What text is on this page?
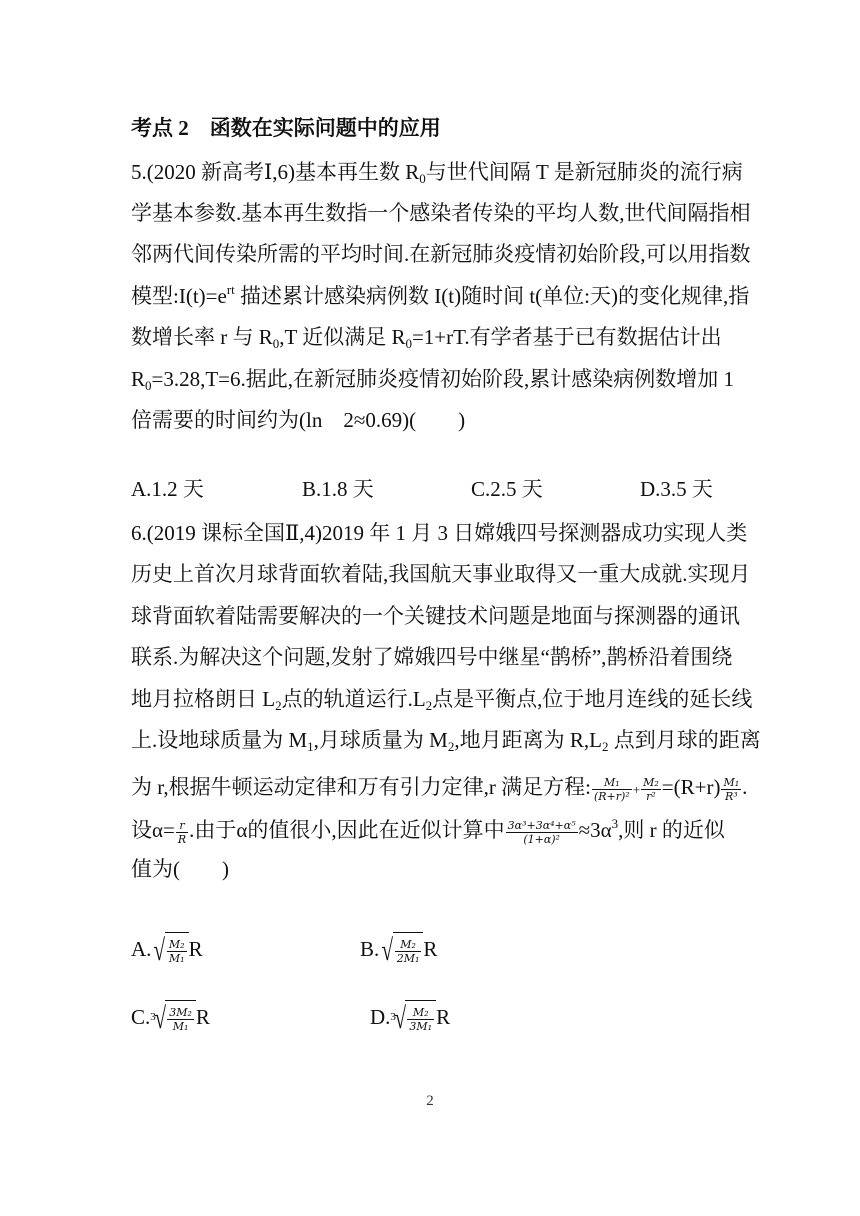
考点 2　函数在实际问题中的应用
5.(2020 新高考Ⅰ,6)基本再生数 $R_0$与世代间隔 T 是新冠肺炎的流行病
学基本参数.基本再生数指一个感染者传染的平均人数,世代间隔指相
邻两代间传染所需的平均时间.在新冠肺炎疫情初始阶段,可以用指数
模型$:I(t)=e^{rt}$ 描述累计感染病例数 I(t)随时间 t(单位:天)的变化规律,指
数增长率 r 与 $R_0,T$ 近似满足 $R_0=1+rT$.有学者基于已有数据估计出
$R_0=3.28,T=6$.据此,在新冠肺炎疫情初始阶段,累计感染病例数增加 1
倍需要的时间约为(ln　2≈0.69)(　　)
A.1.2 天	B.1.8 天	C.2.5 天	D.3.5 天
6.(2019 课标全国Ⅱ,4)2019 年 1 月 3 日嫦娥四号探测器成功实现人类
历史上首次月球背面软着陆,我国航天事业取得又一重大成就.实现月
球背面软着陆需要解决的一个关键技术问题是地面与探测器的通讯
联系.为解决这个问题,发射了嫦娥四号中继星“鹊桥”,鹊桥沿着围绕
地月拉格朗日 $L_2$点的轨道运行$.L_2$点是平衡点,位于地月连线的延长线
上.设地球质量为 $M_1$,月球质量为 $M_2$,地月距离为 $R,L_2$ 点到月球的距离
为 r,根据牛顿运动定律和万有引力定律,r 满足方程: $\frac{\text{M₁}}{\text{(R+r)²}} + \frac{\text{M₂}}{\text{r²}} =(R+r) \frac{\text{M₁}}{\text{R³}}$ .
设$\alpha= \frac{r}{R}$ .由于α的值很小,因此在近似计算中 $\frac{\text{3α³+3α⁴+α⁵}}{\text{(1+α)²}} \approx 3\alpha^3$,则 r 的近似
值为(　　)
A. √ $\frac{\text{M₂}}{\text{M₁}}$ R	B. √ $\frac{\text{M₂}}{\text{2M₁}}$ R
C.$^3$
√ $\frac{\text{3M₂}}{\text{M₁}}$ R	D.$^3$
√ $\frac{\text{M₂}}{\text{3M₁}}$ R
2
